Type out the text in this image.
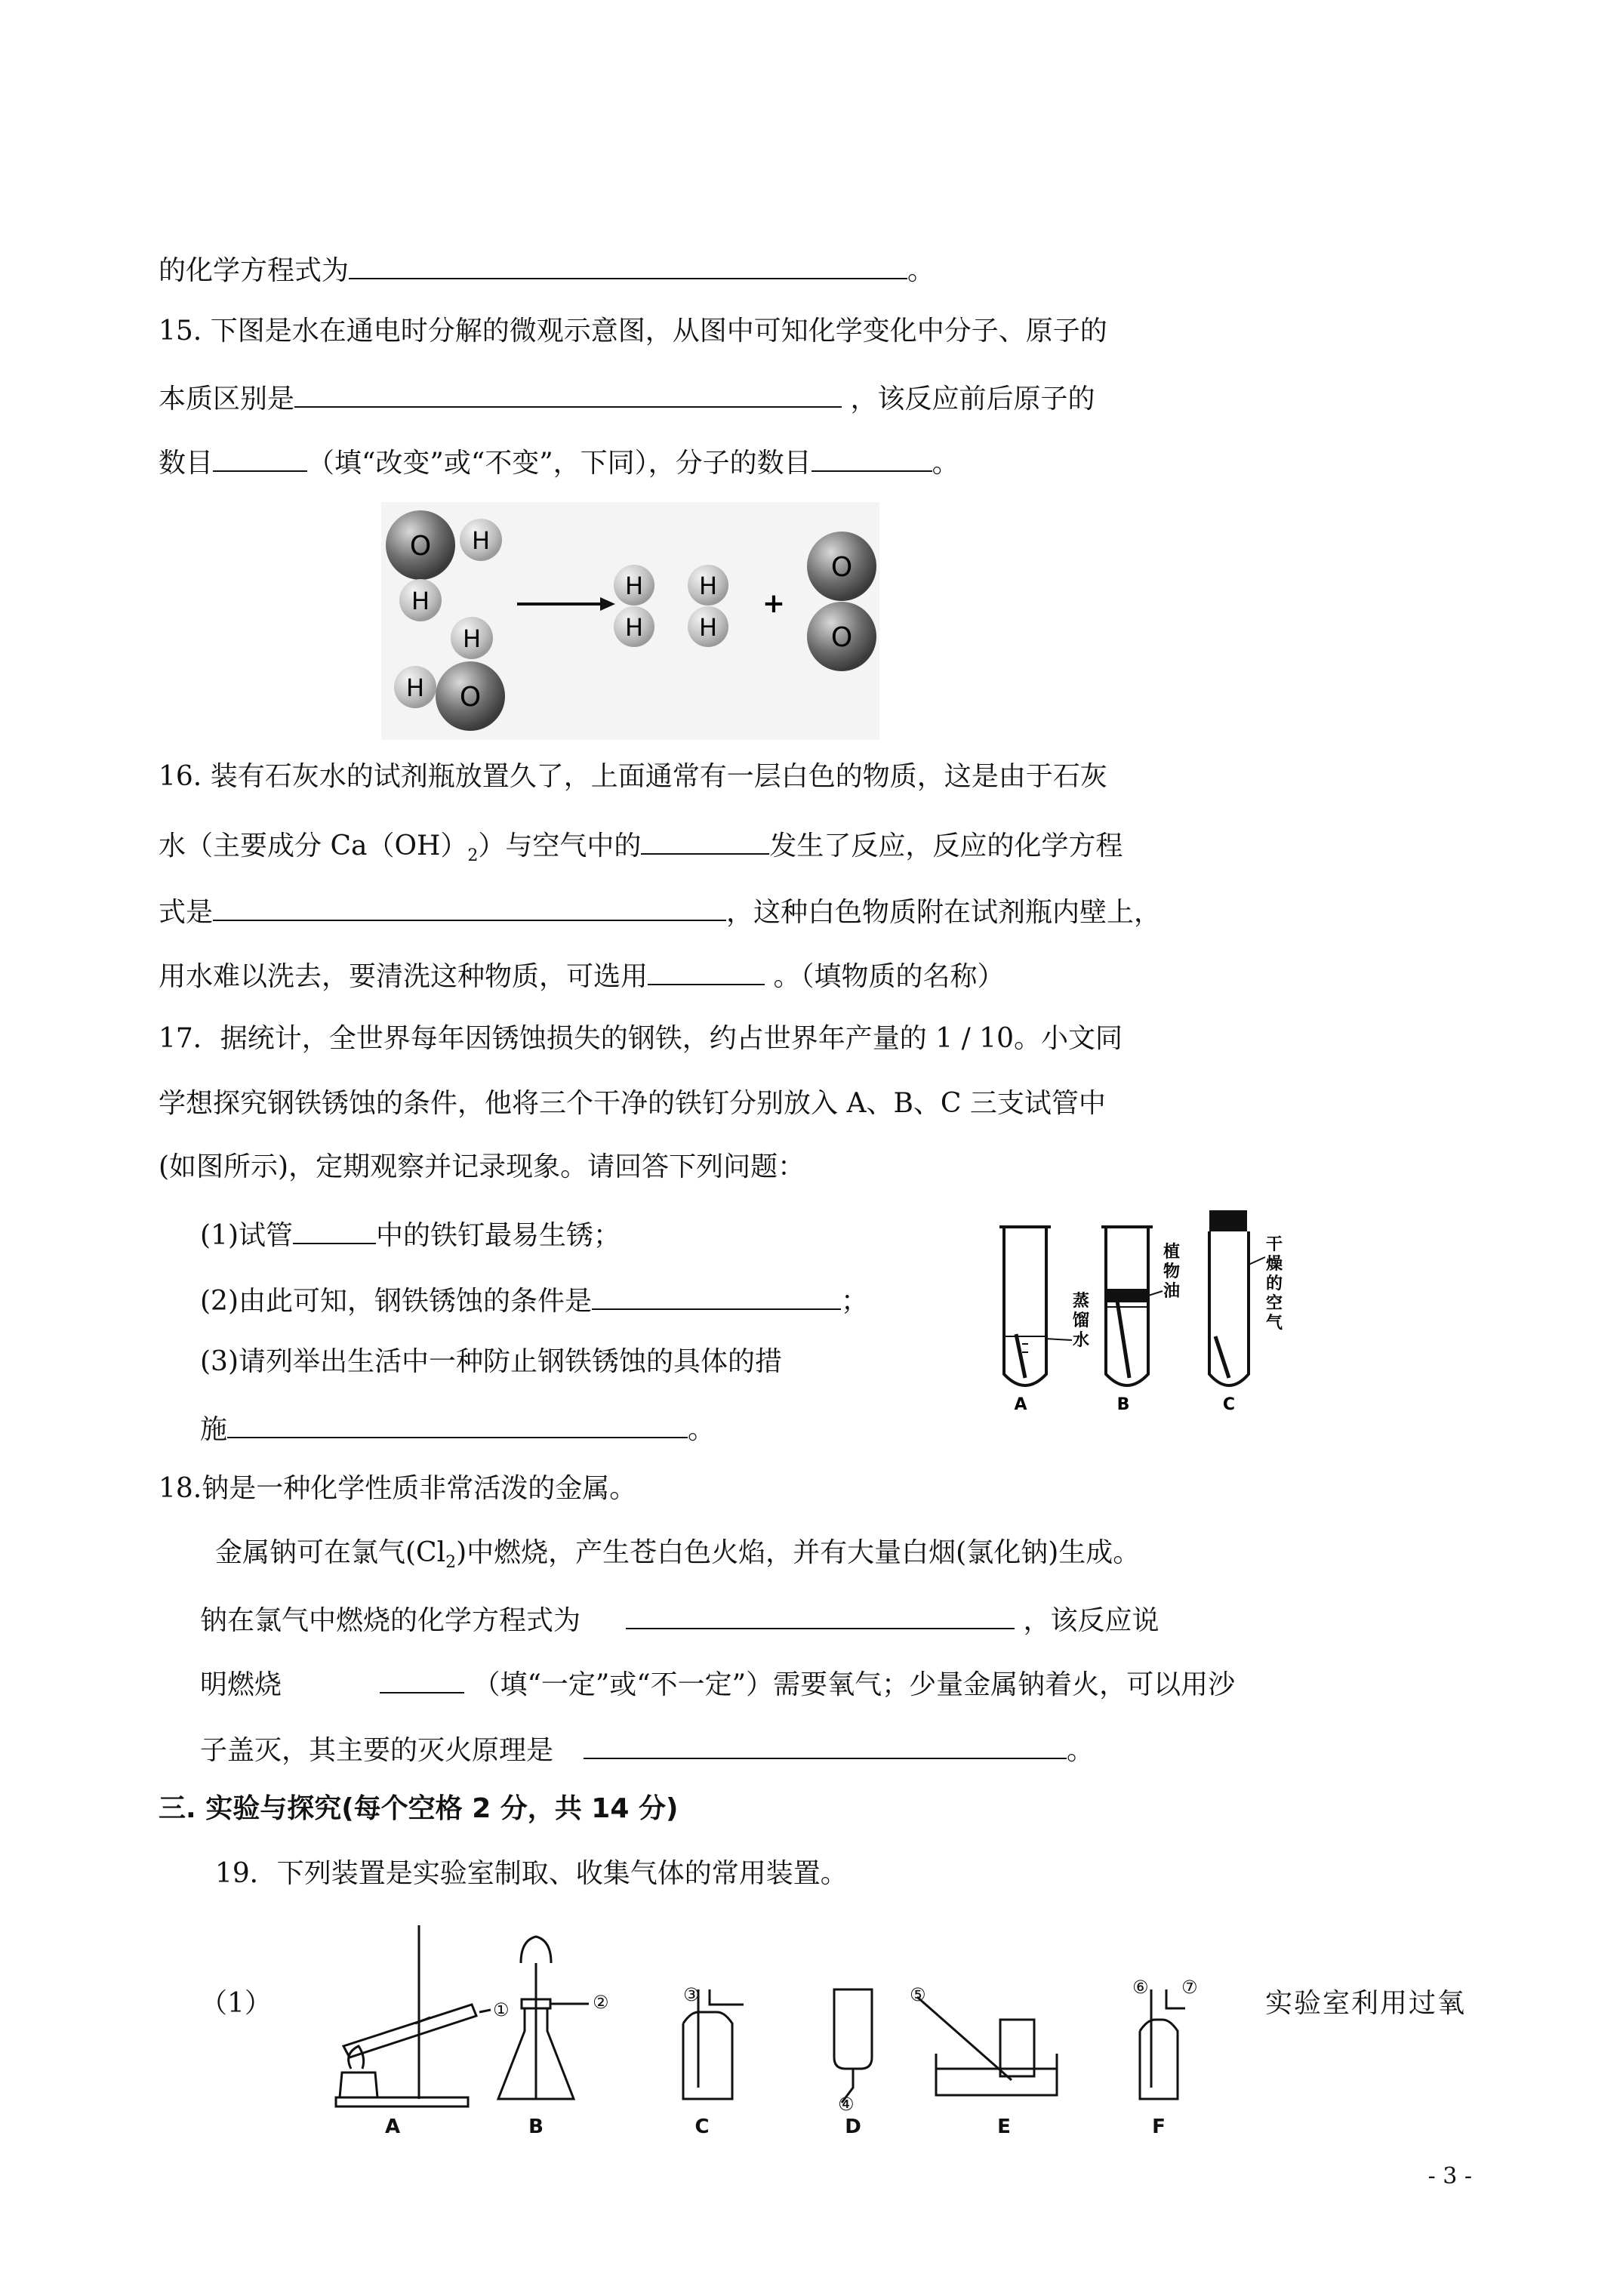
的化学方程式为	。
15. 下图是水在通电时分解的微观示意图，从图中可知化学变化中分子、原子的
本质区别是	，该反应前后原子的
数目	（填“改变”或“不变”，下同），分子的数目	。
O H
H
H
O
H
H
H
H
H
+
O
O
16. 装有石灰水的试剂瓶放置久了，上面通常有一层白色的物质，这是由于石灰
水（主要成分 $Ca(OH)_2$）与空气中的	发生了反应，反应的化学方程
式是	，这种白色物质附在试剂瓶内壁上，
用水难以洗去，要清洗这种物质，可选用	。（填物质的名称）
17．据统计，全世界每年因锈蚀损失的钢铁，约占世界年产量的 1 / 10。小文同
学想探究钢铁锈蚀的条件，他将三个干净的铁钉分别放入 A、B、C 三支试管中
(如图所示)，定期观察并记录现象。请回答下列问题：
(1)试管	中的铁钉最易生锈；
(2)由此可知，钢铁锈蚀的条件是	；
(3)请列举出生活中一种防止钢铁锈蚀的具体的措
施	。
A	B	C
植
物
油
蒸
馏
水
干
燥
的
空
气
18.钠是一种化学性质非常活泼的金属。
金属钠可在氯气$(Cl_2)$中燃烧，产生苍白色火焰，并有大量白烟(氯化钠)生成。
钠在氯气中燃烧的化学方程式为	，该反应说
明燃烧	（填“一定”或“不一定”）需要氧气；少量金属钠着火，可以用沙
子盖灭，其主要的灭火原理是	。
三. 实验与探究(每个空格 2 分，共 14 分)
19．下列装置是实验室制取、收集气体的常用装置。
（1）	实验室利用过氧
①	②	③
④
⑤	⑥ ⑦
A	B	C	D	E	F
- 3 -
